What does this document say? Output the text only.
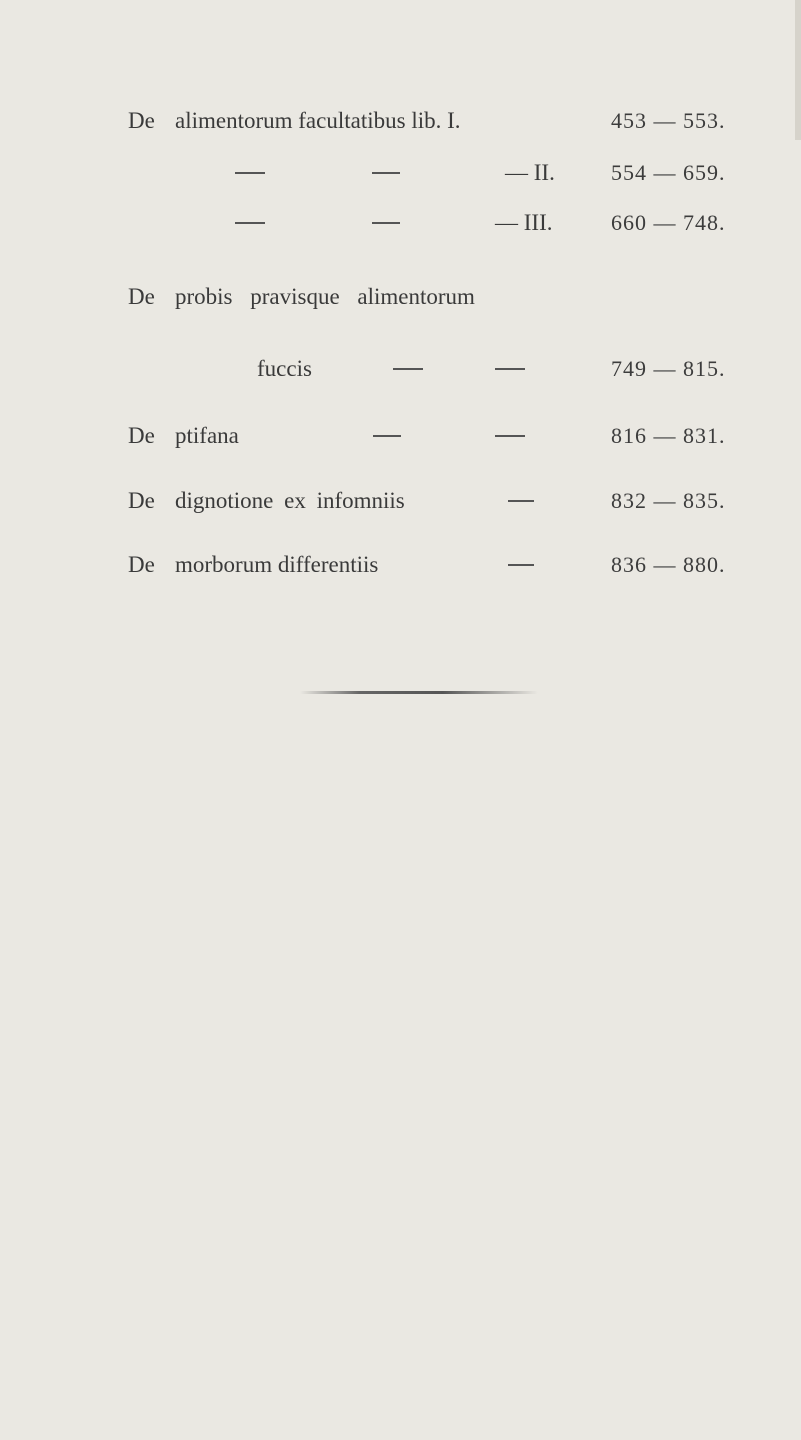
De alimentorum facultatibus lib. I.	453 — 553.
— II.	554 — 659.
— III.	660 — 748.
De probis pravisque alimentorum
fuccis	749 — 815.
De ptifana	816 — 831.
De dignotione ex infomniis	832 — 835.
De morborum differentiis	836 — 880.
